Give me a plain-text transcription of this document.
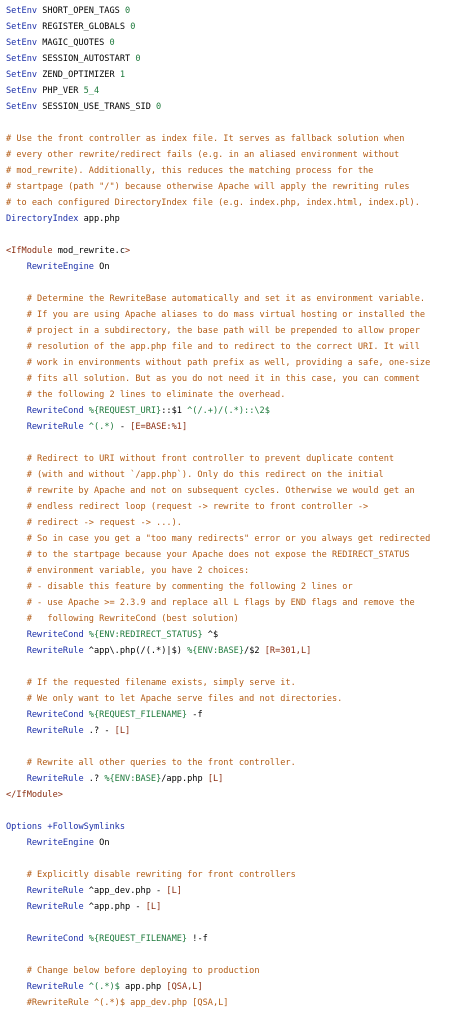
SetEnv SHORT_OPEN_TAGS 0
SetEnv REGISTER_GLOBALS 0
SetEnv MAGIC_QUOTES 0
SetEnv SESSION_AUTOSTART 0
SetEnv ZEND_OPTIMIZER 1
SetEnv PHP_VER 5_4
SetEnv SESSION_USE_TRANS_SID 0
# Use the front controller as index file. It serves as fallback solution when
# every other rewrite/redirect fails (e.g. in an aliased environment without
# mod_rewrite). Additionally, this reduces the matching process for the
# startpage (path "/") because otherwise Apache will apply the rewriting rules
# to each configured DirectoryIndex file (e.g. index.php, index.html, index.pl).
DirectoryIndex app.php
<IfModule mod_rewrite.c>
RewriteEngine On
# Determine the RewriteBase automatically and set it as environment variable.
# If you are using Apache aliases to do mass virtual hosting or installed the
# project in a subdirectory, the base path will be prepended to allow proper
# resolution of the app.php file and to redirect to the correct URI. It will
# work in environments without path prefix as well, providing a safe, one-size
# fits all solution. But as you do not need it in this case, you can comment
# the following 2 lines to eliminate the overhead.
RewriteCond %{REQUEST_URI}::$1 ^(/.+)/(.*)::\2$
RewriteRule ^(.*) - [E=BASE:%1]
# Redirect to URI without front controller to prevent duplicate content
# (with and without `/app.php`). Only do this redirect on the initial
# rewrite by Apache and not on subsequent cycles. Otherwise we would get an
# endless redirect loop (request -> rewrite to front controller ->
# redirect -> request -> ...).
# So in case you get a "too many redirects" error or you always get redirected
# to the startpage because your Apache does not expose the REDIRECT_STATUS
# environment variable, you have 2 choices:
# - disable this feature by commenting the following 2 lines or
# - use Apache >= 2.3.9 and replace all L flags by END flags and remove the
#   following RewriteCond (best solution)
RewriteCond %{ENV:REDIRECT_STATUS} ^$
RewriteRule ^app\.php(/(.*)|$) %{ENV:BASE}/$2 [R=301,L]
# If the requested filename exists, simply serve it.
# We only want to let Apache serve files and not directories.
RewriteCond %{REQUEST_FILENAME} -f
RewriteRule .? - [L]
# Rewrite all other queries to the front controller.
RewriteRule .? %{ENV:BASE}/app.php [L]
</IfModule>
Options +FollowSymlinks
RewriteEngine On
# Explicitly disable rewriting for front controllers
RewriteRule ^app_dev.php - [L]
RewriteRule ^app.php - [L]
RewriteCond %{REQUEST_FILENAME} !-f
# Change below before deploying to production
RewriteRule ^(.*)$ app.php [QSA,L]
#RewriteRule ^(.*)$ app_dev.php [QSA,L]
